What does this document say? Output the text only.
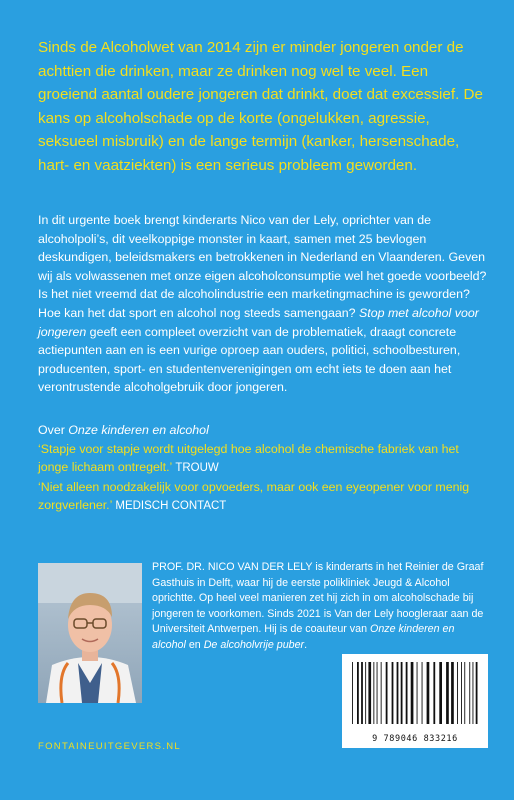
Sinds de Alcoholwet van 2014 zijn er minder jongeren onder de achttien die drinken, maar ze drinken nog wel te veel. Een groeiend aantal oudere jongeren dat drinkt, doet dat excessief. De kans op alcoholschade op de korte (ongelukken, agressie, seksueel misbruik) en de lange termijn (kanker, hersenschade, hart- en vaatziekten) is een serieus probleem geworden.

In dit urgente boek brengt kinderarts Nico van der Lely, oprichter van de alcoholpoli’s, dit veelkoppige monster in kaart, samen met 25 bevlogen deskundigen, beleidsmakers en betrokkenen in Nederland en Vlaanderen. Geven wij als volwassenen met onze eigen alcoholconsumptie wel het goede voorbeeld? Is het niet vreemd dat de alcoholindustrie een marketingmachine is geworden? Hoe kan het dat sport en alcohol nog steeds samengaan? Stop met alcohol voor jongeren geeft een compleet overzicht van de problematiek, draagt concrete actiepunten aan en is een vurige oproep aan ouders, politici, schoolbesturen, producenten, sport- en studentenverenigingen om echt iets te doen aan het verontrustende alcoholgebruik door jongeren.

Over Onze kinderen en alcohol
‘Stapje voor stapje wordt uitgelegd hoe alcohol de chemische fabriek van het jonge lichaam ontregelt.’ TROUW
‘Niet alleen noodzakelijk voor opvoeders, maar ook een eyeopener voor menig zorgverlener.’ MEDISCH CONTACT

PROF. DR. NICO VAN DER LELY is kinderarts in het Reinier de Graaf Gasthuis in Delft, waar hij de eerste polikliniek Jeugd & Alcohol oprichtte. Op heel veel manieren zet hij zich in om alcoholschade bij jongeren te voorkomen. Sinds 2021 is Van der Lely hoogleraar aan de Universiteit Antwerpen. Hij is de coauteur van Onze kinderen en alcohol en De alcoholvrije puber.

9 789046 833216

FONTAINEUITGEVERS.NL
